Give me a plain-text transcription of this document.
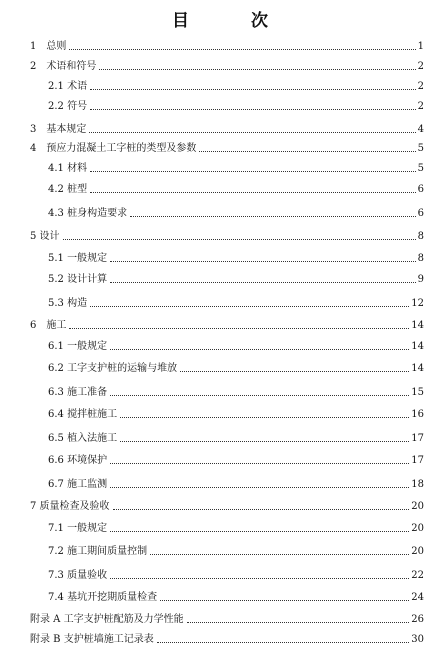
目 次
1　总则	1
2　术语和符号	2
2.1 术语	2
2.2 符号	2
3　基本规定	4
4　预应力混凝土工字桩的类型及参数	5
4.1 材料	5
4.2 桩型	6
4.3 桩身构造要求	6
5 设计	8
5.1 一般规定	8
5.2 设计计算	9
5.3 构造	12
6　施工	14
6.1 一般规定	14
6.2 工字支护桩的运输与堆放	14
6.3 施工准备	15
6.4 搅拌桩施工	16
6.5 植入法施工	17
6.6 环境保护	17
6.7 施工监测	18
7 质量检查及验收	20
7.1 一般规定	20
7.2 施工期间质量控制	20
7.3 质量验收	22
7.4 基坑开挖期质量检查	24
附录 A 工字支护桩配筋及力学性能	26
附录 B 支护桩墙施工记录表	30
